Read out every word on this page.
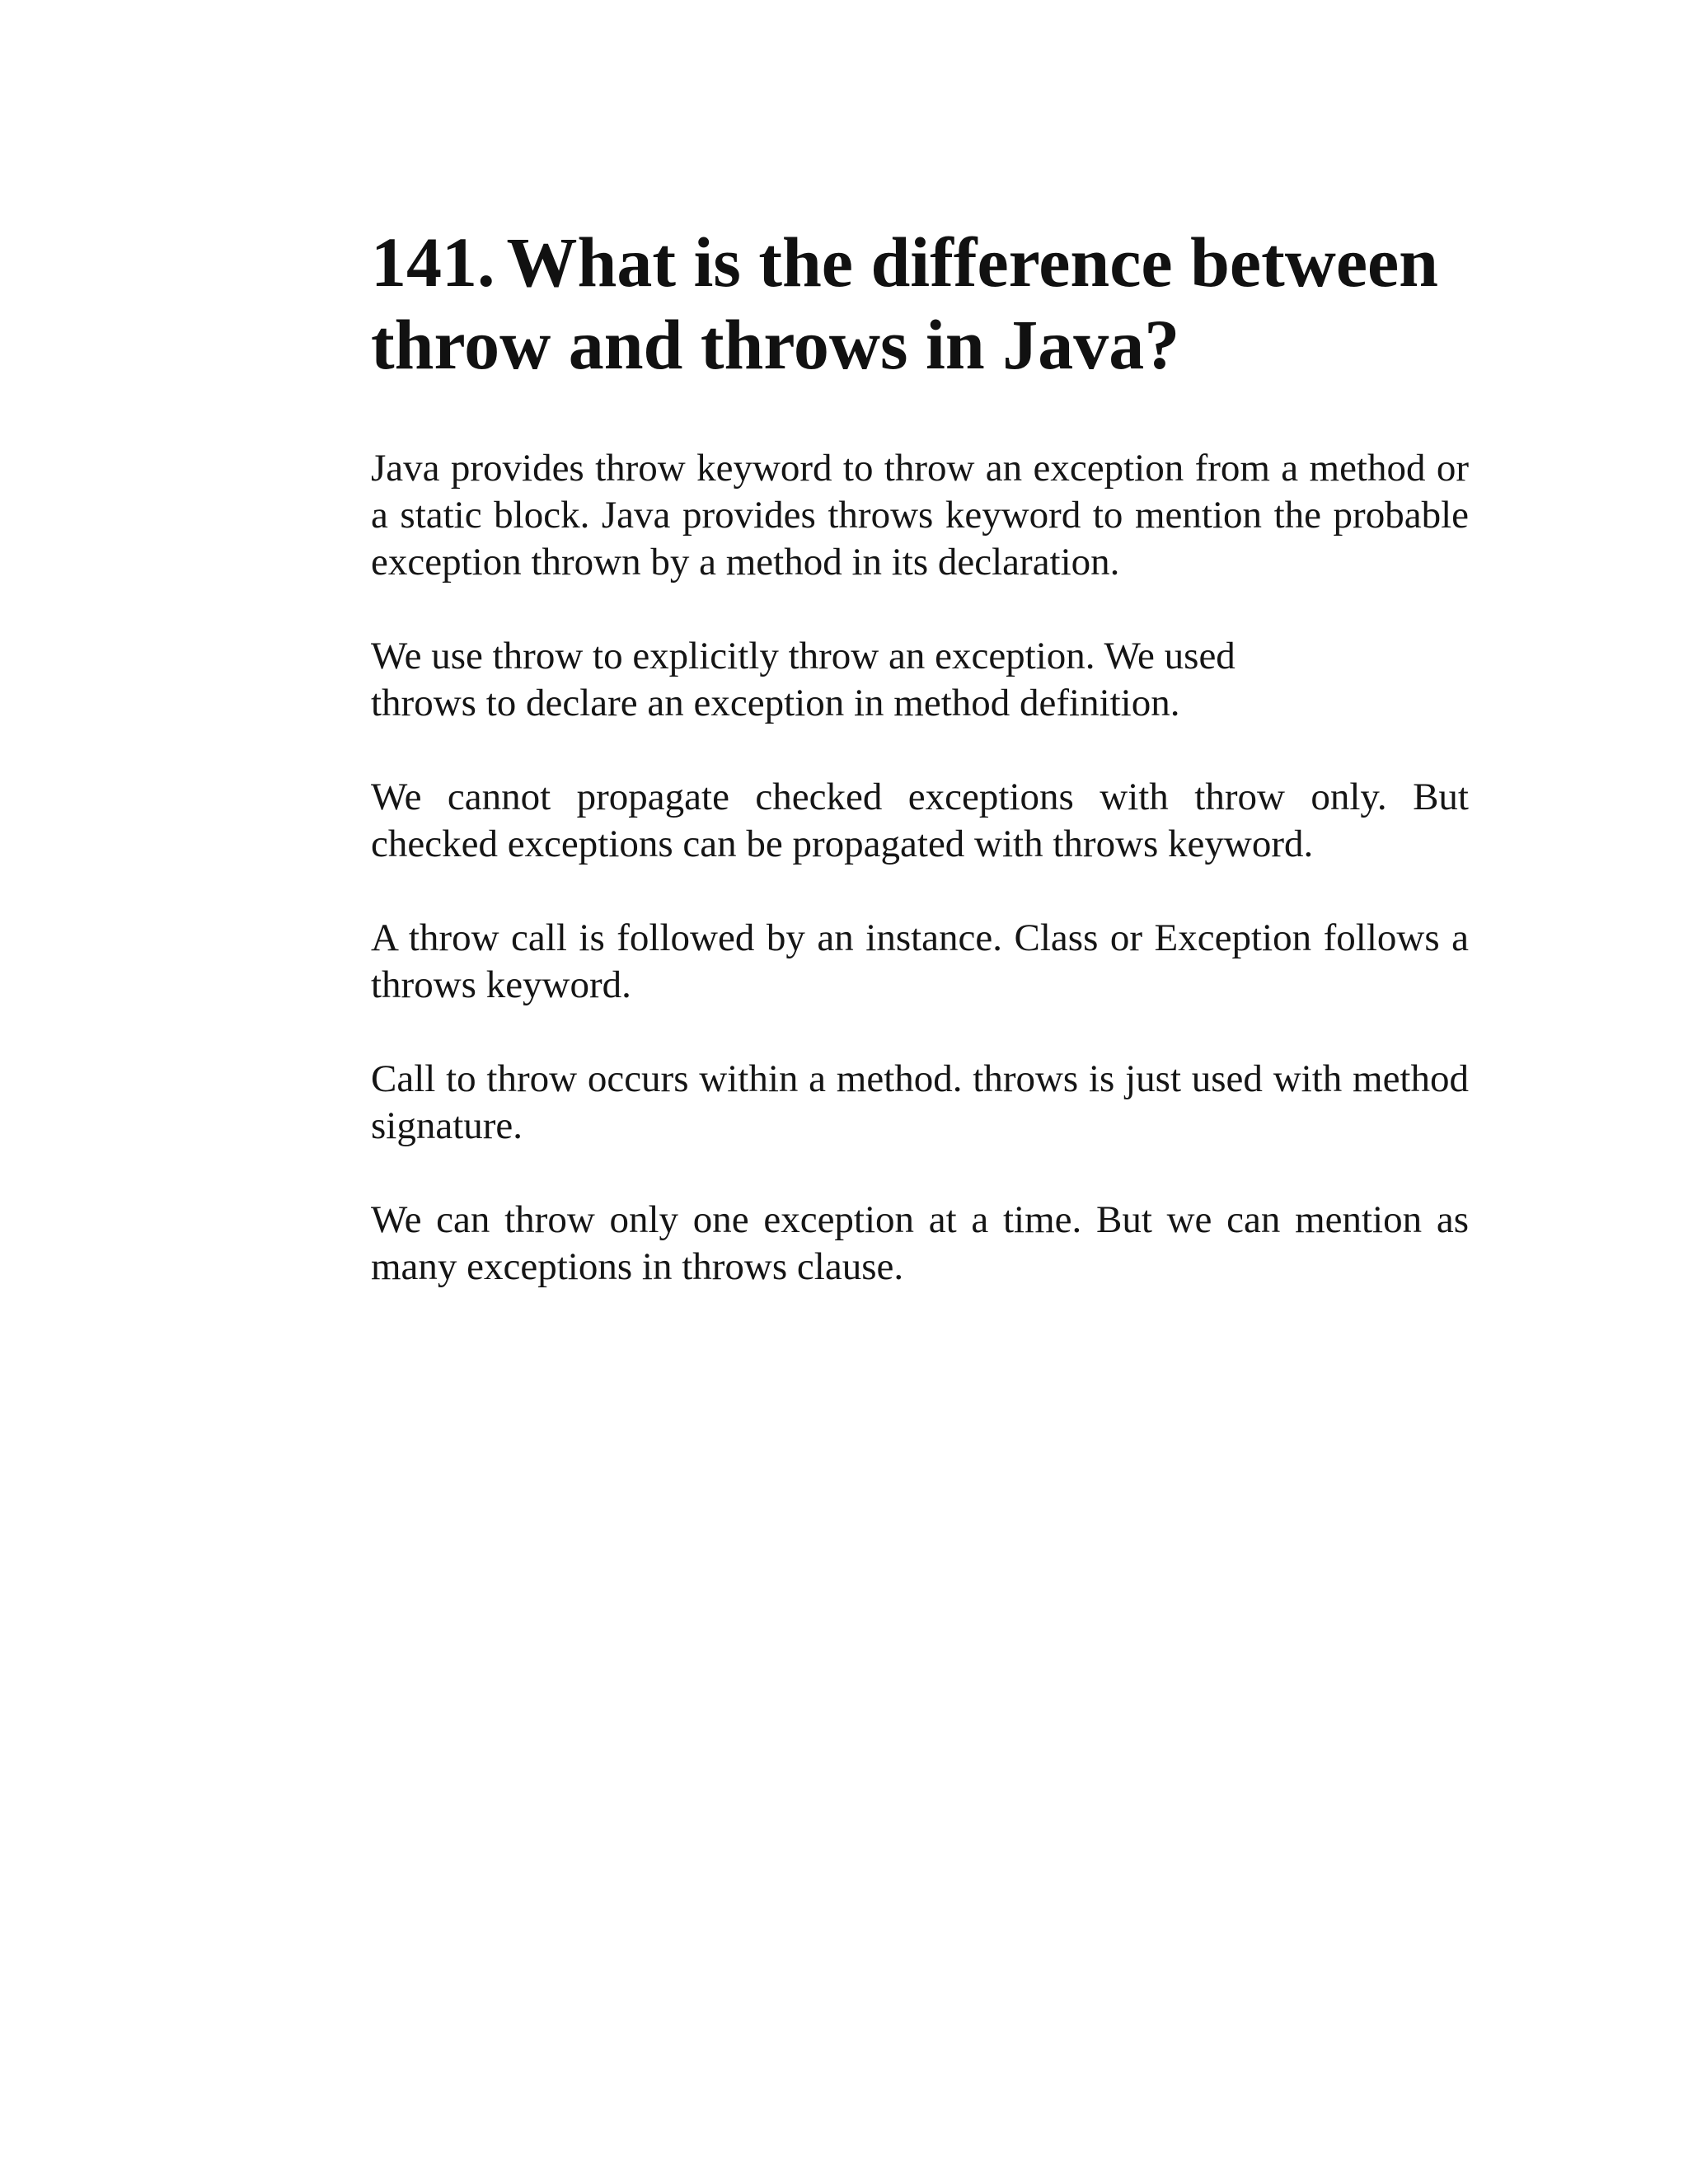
141. What is the difference between
throw and throws in Java?

Java provides throw keyword to throw an exception from a method or a static block. Java provides throws keyword to mention the probable exception thrown by a method in its declaration.

We use throw to explicitly throw an exception. We used

throws to declare an exception in method definition.

We cannot propagate checked exceptions with throw only. But checked exceptions can be propagated with throws keyword.

A throw call is followed by an instance. Class or Exception follows a throws keyword.

Call to throw occurs within a method. throws is just used with method signature.

We can throw only one exception at a time. But we can mention as many exceptions in throws clause.
